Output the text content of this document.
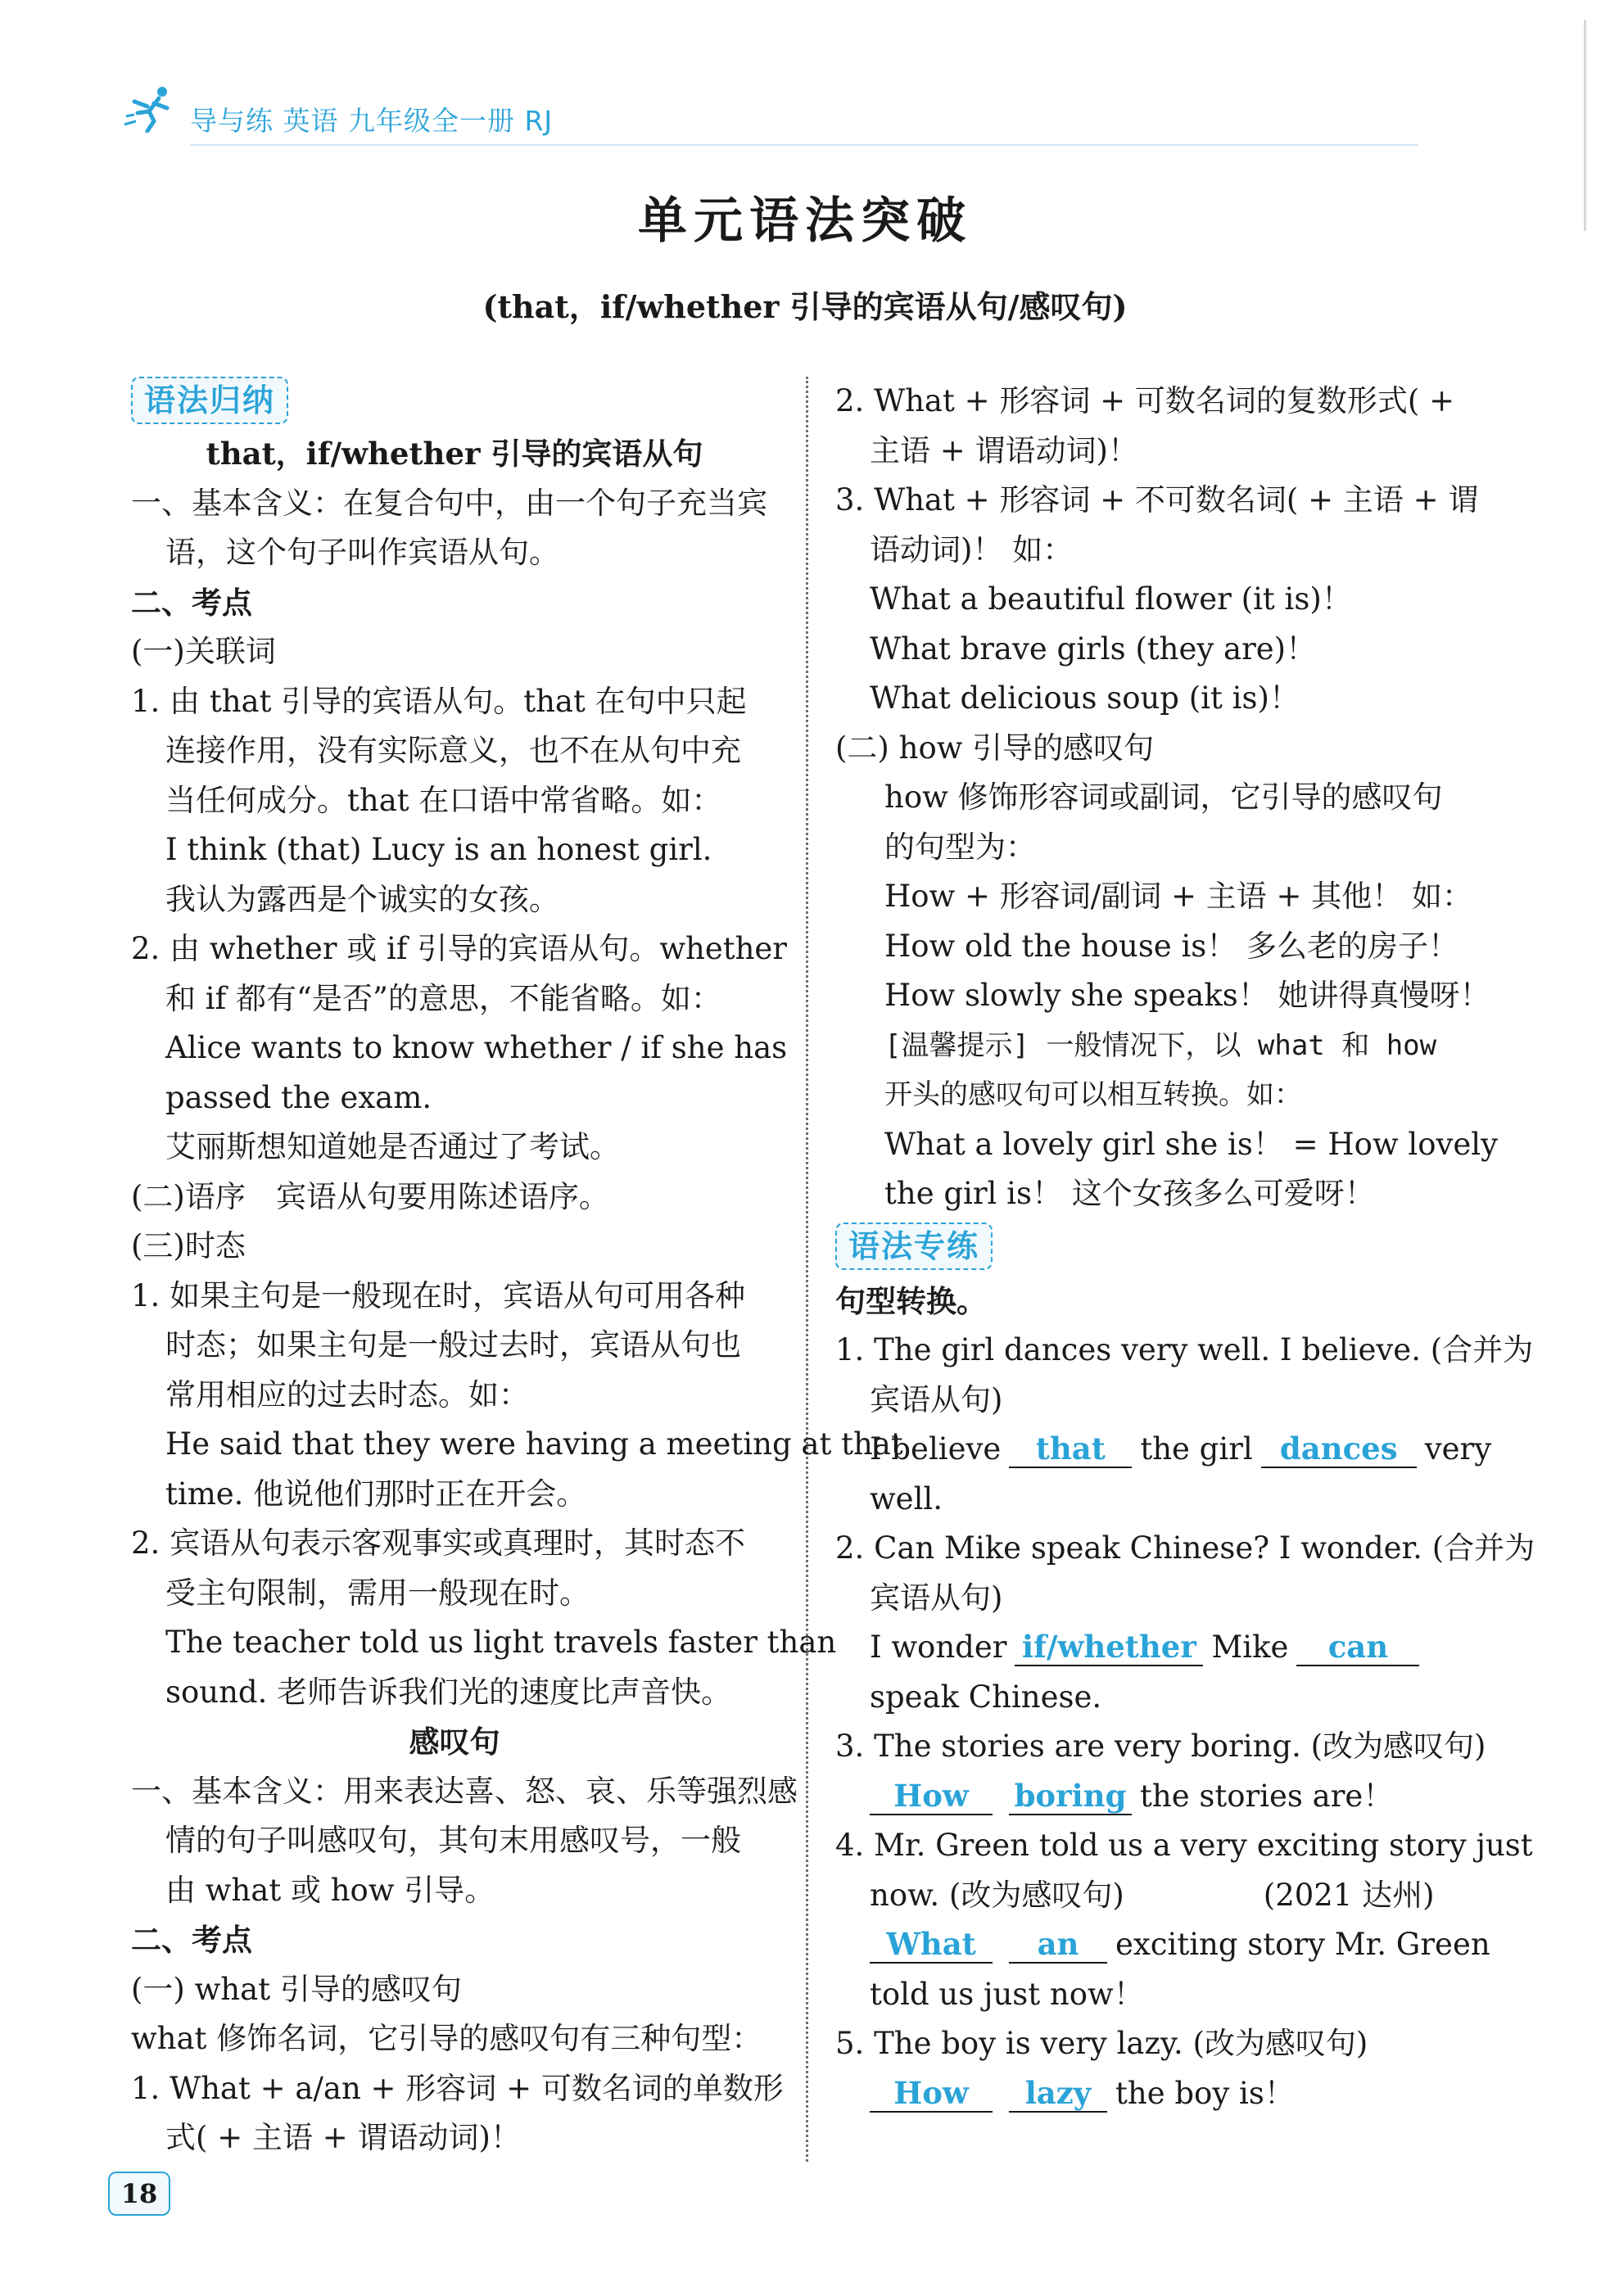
导与练 英语 九年级全一册 RJ
单元语法突破
(that，if/whether 引导的宾语从句/感叹句)
语法归纳
that，if/whether 引导的宾语从句
一、基本含义：在复合句中，由一个句子充当宾
语，这个句子叫作宾语从句。
二、考点
(一)关联词
1. 由 that 引导的宾语从句。that 在句中只起
连接作用，没有实际意义，也不在从句中充
当任何成分。that 在口语中常省略。如：
I think (that) Lucy is an honest girl.
我认为露西是个诚实的女孩。
2. 由 whether 或 if 引导的宾语从句。whether
和 if 都有“是否”的意思，不能省略。如：
Alice wants to know whether / if she has
passed the exam.
艾丽斯想知道她是否通过了考试。
(二)语序　宾语从句要用陈述语序。
(三)时态
1. 如果主句是一般现在时，宾语从句可用各种
时态；如果主句是一般过去时，宾语从句也
常用相应的过去时态。如：
He said that they were having a meeting at that
time. 他说他们那时正在开会。
2. 宾语从句表示客观事实或真理时，其时态不
受主句限制，需用一般现在时。
The teacher told us light travels faster than
sound. 老师告诉我们光的速度比声音快。
感叹句
一、基本含义：用来表达喜、怒、哀、乐等强烈感
情的句子叫感叹句，其句末用感叹号，一般
由 what 或 how 引导。
二、考点
(一) what 引导的感叹句
what 修饰名词，它引导的感叹句有三种句型：
1. What + a/an + 形容词 + 可数名词的单数形
式( + 主语 + 谓语动词)！
2. What + 形容词 + 可数名词的复数形式( +
主语 + 谓语动词)！
3. What + 形容词 + 不可数名词( + 主语 + 谓
语动词)！ 如：
What a beautiful flower (it is)！
What brave girls (they are)！
What delicious soup (it is)！
(二) how 引导的感叹句
how 修饰形容词或副词，它引导的感叹句
的句型为：
How + 形容词/副词 + 主语 + 其他！ 如：
How old the house is！ 多么老的房子！
How slowly she speaks！ 她讲得真慢呀！
[温馨提示] 一般情况下，以 what 和 how
开头的感叹句可以相互转换。如：
What a lovely girl she is！ = How lovely
the girl is！ 这个女孩多么可爱呀！
语法专练
句型转换。
1. The girl dances very well. I believe. (合并为
宾语从句)
I believe that the girl dances very
well.
2. Can Mike speak Chinese? I wonder. (合并为
宾语从句)
I wonder if/whether Mike can
speak Chinese.
3. The stories are very boring. (改为感叹句)
How boring the stories are！
4. Mr. Green told us a very exciting story just
now. (改为感叹句)	(2021 达州)
What an exciting story Mr. Green
told us just now！
5. The boy is very lazy. (改为感叹句)
How lazy the boy is！
18
